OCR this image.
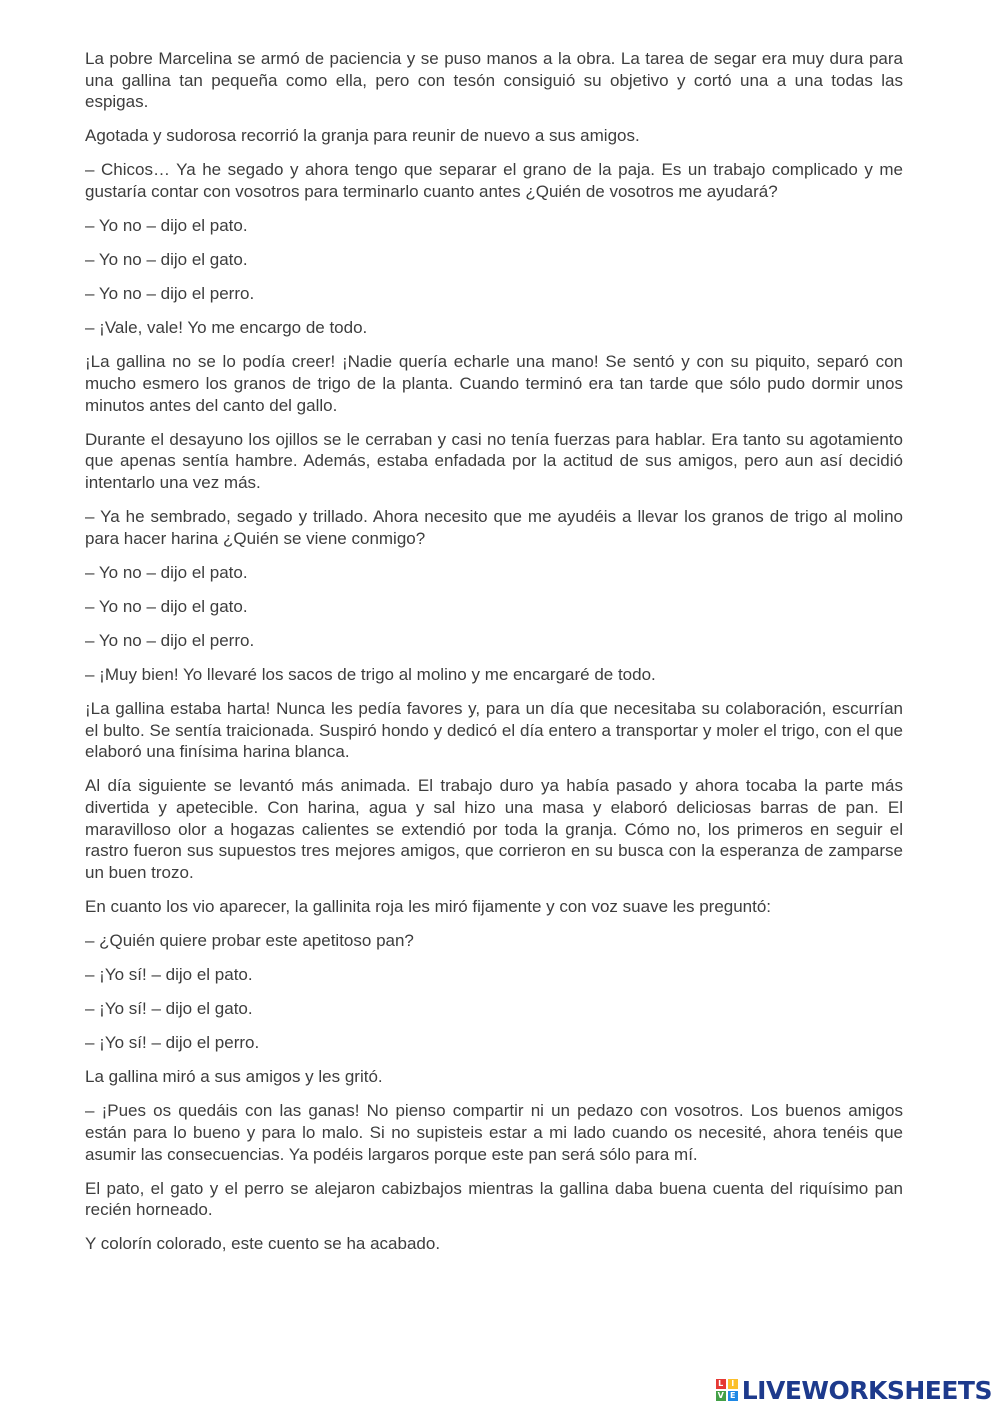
La pobre Marcelina se armó de paciencia y se puso manos a la obra. La tarea de segar era muy dura para una gallina tan pequeña como ella, pero con tesón consiguió su objetivo y cortó una a una todas las espigas.

Agotada y sudorosa recorrió la granja para reunir de nuevo a sus amigos.

– Chicos… Ya he segado y ahora tengo que separar el grano de la paja. Es un trabajo complicado y me gustaría contar con vosotros para terminarlo cuanto antes ¿Quién de vosotros me ayudará?

– Yo no – dijo el pato.

– Yo no – dijo el gato.

– Yo no – dijo el perro.

– ¡Vale, vale! Yo me encargo de todo.

¡La gallina no se lo podía creer! ¡Nadie quería echarle una mano! Se sentó y con su piquito, separó con mucho esmero los granos de trigo de la planta. Cuando terminó era tan tarde que sólo pudo dormir unos minutos antes del canto del gallo.

Durante el desayuno los ojillos se le cerraban y casi no tenía fuerzas para hablar. Era tanto su agotamiento que apenas sentía hambre. Además, estaba enfadada por la actitud de sus amigos, pero aun así decidió intentarlo una vez más.

– Ya he sembrado, segado y trillado. Ahora necesito que me ayudéis a llevar los granos de trigo al molino para hacer harina ¿Quién se viene conmigo?

– Yo no – dijo el pato.

– Yo no – dijo el gato.

– Yo no – dijo el perro.

– ¡Muy bien! Yo llevaré los sacos de trigo al molino y me encargaré de todo.

¡La gallina estaba harta! Nunca les pedía favores y, para un día que necesitaba su colaboración, escurrían el bulto. Se sentía traicionada. Suspiró hondo y dedicó el día entero a transportar y moler el trigo, con el que elaboró una finísima harina blanca.

Al día siguiente se levantó más animada. El trabajo duro ya había pasado y ahora tocaba la parte más divertida y apetecible. Con harina, agua y sal hizo una masa y elaboró deliciosas barras de pan. El maravilloso olor a hogazas calientes se extendió por toda la granja. Cómo no, los primeros en seguir el rastro fueron sus supuestos tres mejores amigos, que corrieron en su busca con la esperanza de zamparse un buen trozo.

En cuanto los vio aparecer, la gallinita roja les miró fijamente y con voz suave les preguntó:

– ¿Quién quiere probar este apetitoso pan?

– ¡Yo sí! – dijo el pato.

– ¡Yo sí! – dijo el gato.

– ¡Yo sí! – dijo el perro.

La gallina miró a sus amigos y les gritó.

– ¡Pues os quedáis con las ganas! No pienso compartir ni un pedazo con vosotros. Los buenos amigos están para lo bueno y para lo malo. Si no supisteis estar a mi lado cuando os necesité, ahora tenéis que asumir las consecuencias. Ya podéis largaros porque este pan será sólo para mí.

El pato, el gato y el perro se alejaron cabizbajos mientras la gallina daba buena cuenta del riquísimo pan recién horneado.

Y colorín colorado, este cuento se ha acabado.

L I
V E LIVEWORKSHEETS
